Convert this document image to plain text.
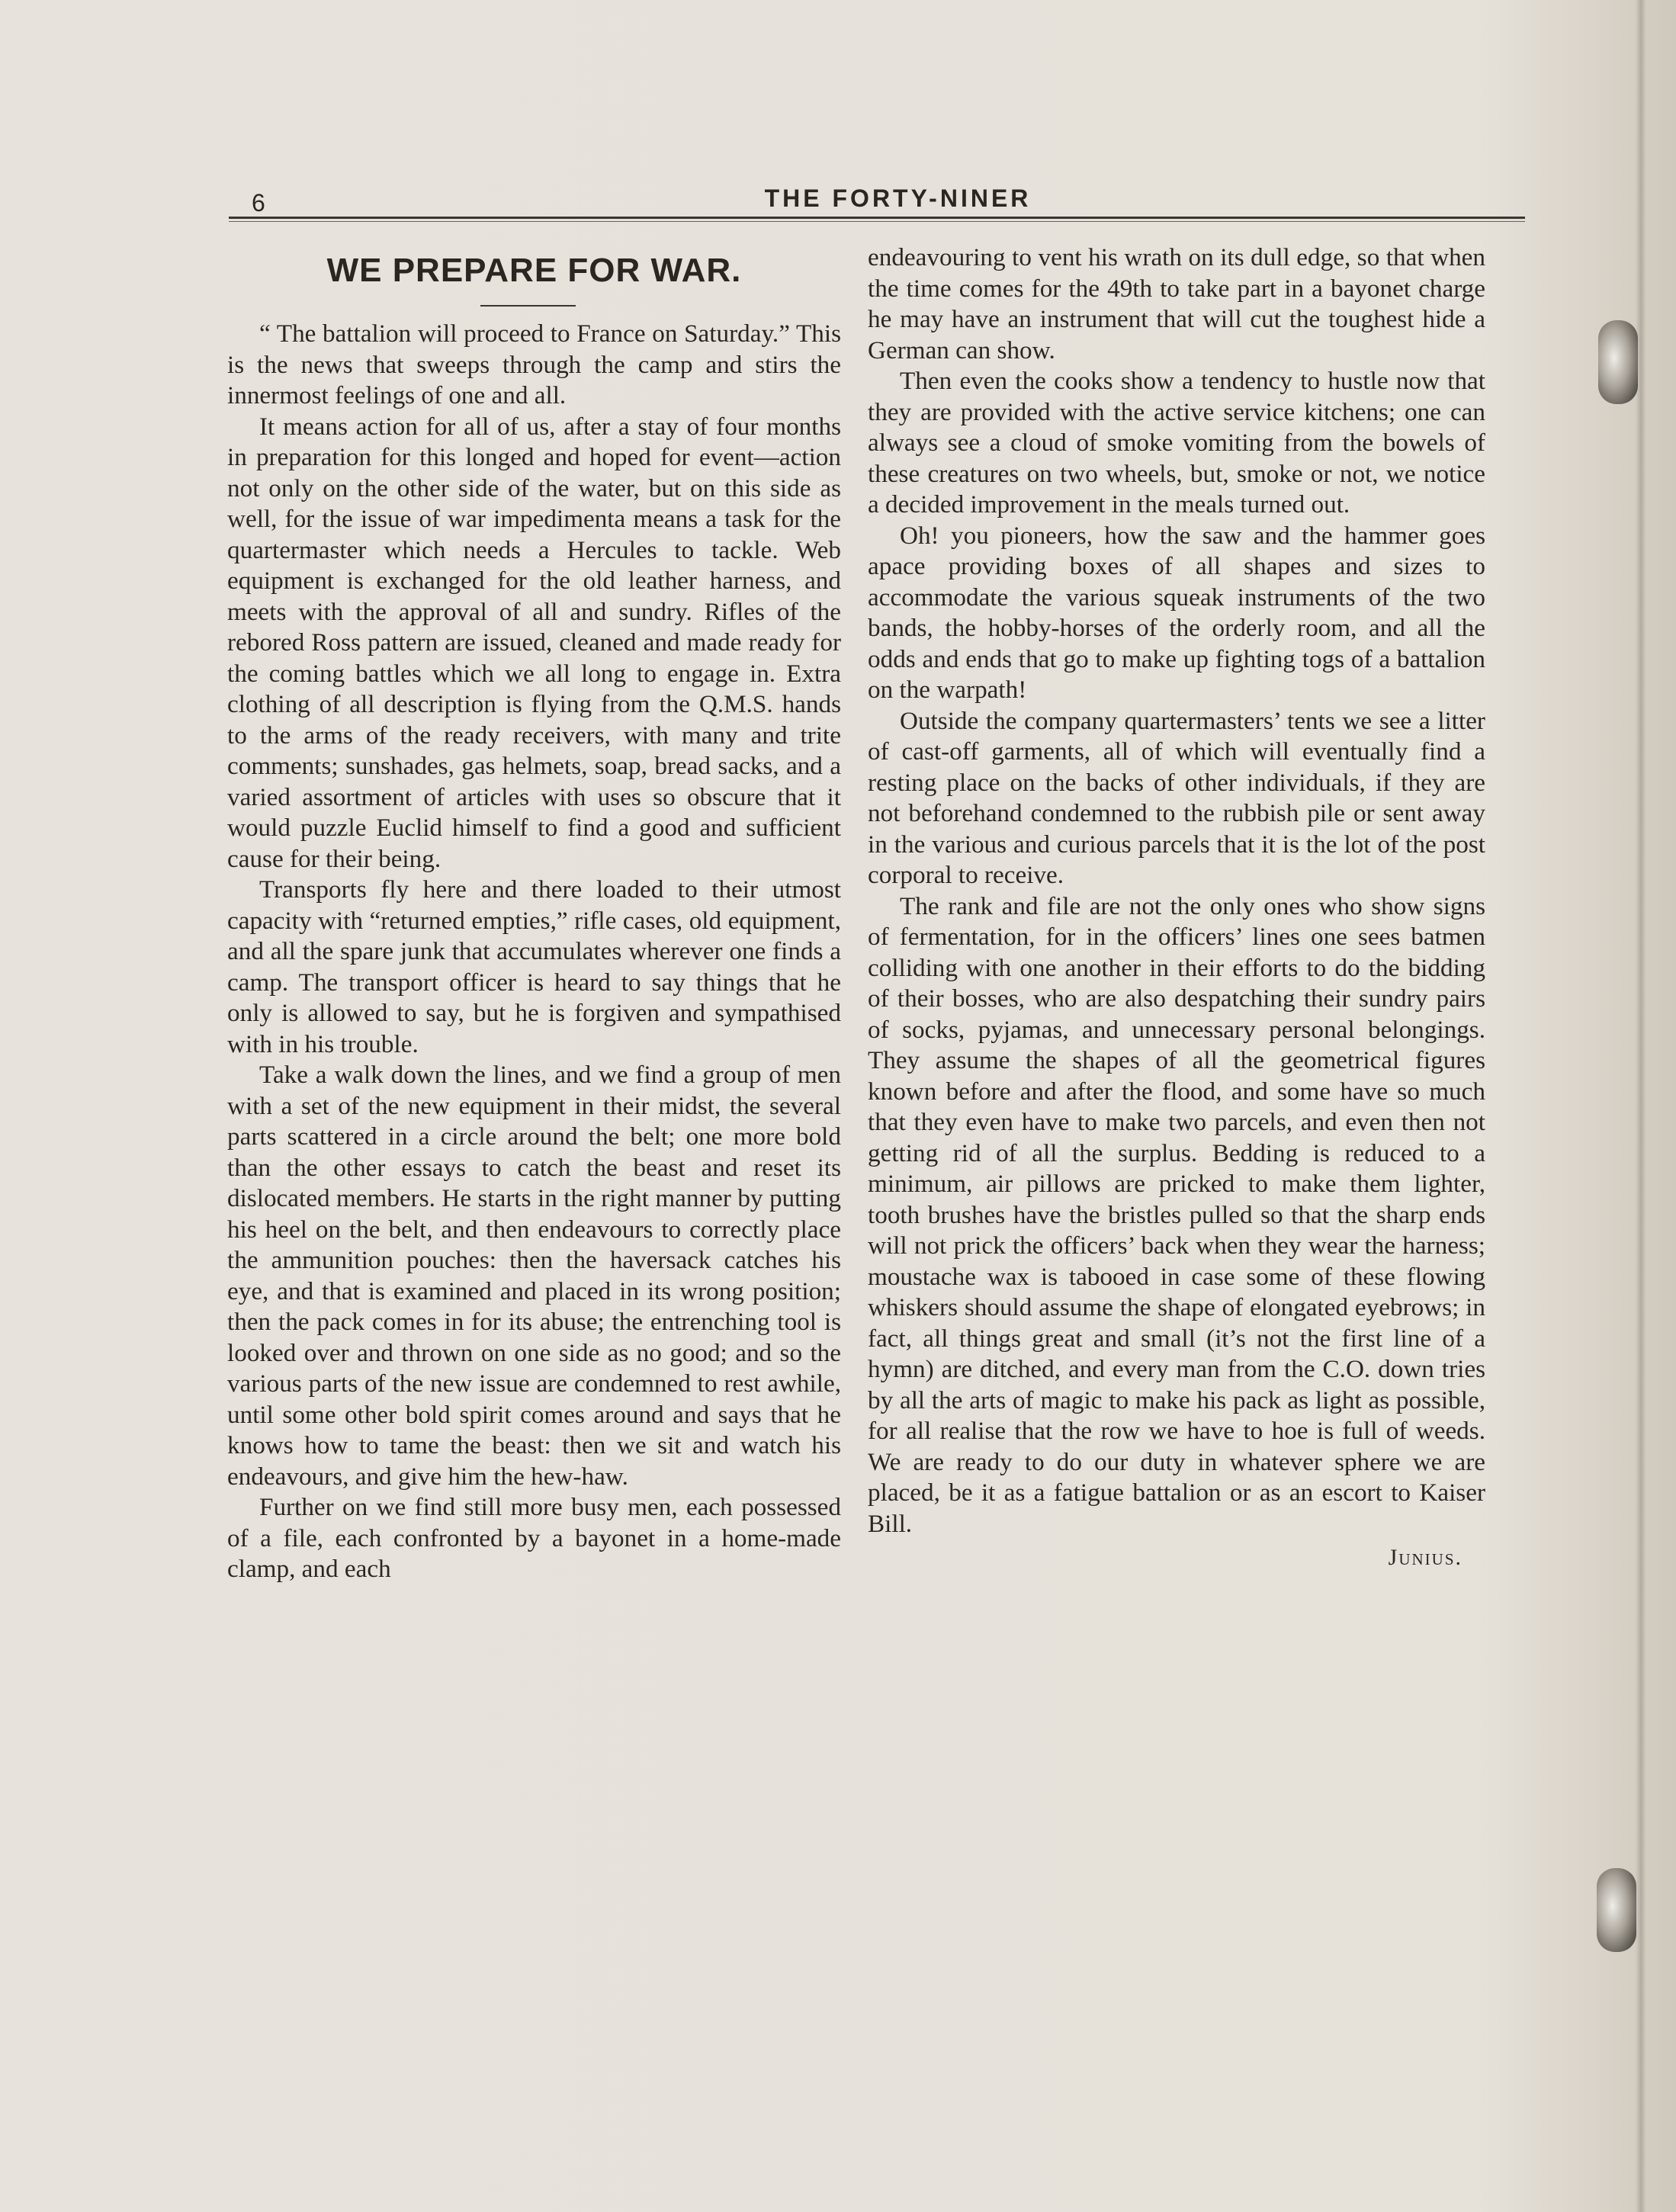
6	THE FORTY-NINER
WE PREPARE FOR WAR.

“ The battalion will proceed to France on Saturday.” This is the news that sweeps through the camp and stirs the innermost feelings of one and all.

It means action for all of us, after a stay of four months in preparation for this longed and hoped for event—action not only on the other side of the water, but on this side as well, for the issue of war impedimenta means a task for the quartermaster which needs a Hercules to tackle. Web equipment is exchanged for the old leather harness, and meets with the approval of all and sundry. Rifles of the rebored Ross pattern are issued, cleaned and made ready for the coming battles which we all long to engage in. Extra clothing of all description is flying from the Q.M.S. hands to the arms of the ready receivers, with many and trite comments; sunshades, gas helmets, soap, bread sacks, and a varied assortment of articles with uses so obscure that it would puzzle Euclid himself to find a good and sufficient cause for their being.

Transports fly here and there loaded to their utmost capacity with “returned empties,” rifle cases, old equipment, and all the spare junk that accumulates wherever one finds a camp. The transport officer is heard to say things that he only is allowed to say, but he is forgiven and sympathised with in his trouble.

Take a walk down the lines, and we find a group of men with a set of the new equipment in their midst, the several parts scattered in a circle around the belt; one more bold than the other essays to catch the beast and reset its dislocated members. He starts in the right manner by putting his heel on the belt, and then endeavours to correctly place the ammunition pouches: then the haversack catches his eye, and that is examined and placed in its wrong position; then the pack comes in for its abuse; the entrenching tool is looked over and thrown on one side as no good; and so the various parts of the new issue are condemned to rest awhile, until some other bold spirit comes around and says that he knows how to tame the beast: then we sit and watch his endeavours, and give him the hew-haw.

Further on we find still more busy men, each possessed of a file, each confronted by a bayonet in a home-made clamp, and each

endeavouring to vent his wrath on its dull edge, so that when the time comes for the 49th to take part in a bayonet charge he may have an instrument that will cut the toughest hide a German can show.

Then even the cooks show a tendency to hustle now that they are provided with the active service kitchens; one can always see a cloud of smoke vomiting from the bowels of these creatures on two wheels, but, smoke or not, we notice a decided improvement in the meals turned out.

Oh! you pioneers, how the saw and the hammer goes apace providing boxes of all shapes and sizes to accommodate the various squeak instruments of the two bands, the hobby-horses of the orderly room, and all the odds and ends that go to make up fighting togs of a battalion on the warpath!

Outside the company quartermasters’ tents we see a litter of cast-off garments, all of which will eventually find a resting place on the backs of other individuals, if they are not beforehand condemned to the rubbish pile or sent away in the various and curious parcels that it is the lot of the post corporal to receive.

The rank and file are not the only ones who show signs of fermentation, for in the officers’ lines one sees batmen colliding with one another in their efforts to do the bidding of their bosses, who are also despatching their sundry pairs of socks, pyjamas, and unnecessary personal belongings. They assume the shapes of all the geometrical figures known before and after the flood, and some have so much that they even have to make two parcels, and even then not getting rid of all the surplus. Bedding is reduced to a minimum, air pillows are pricked to make them lighter, tooth brushes have the bristles pulled so that the sharp ends will not prick the officers’ back when they wear the harness; moustache wax is tabooed in case some of these flowing whiskers should assume the shape of elongated eyebrows; in fact, all things great and small (it’s not the first line of a hymn) are ditched, and every man from the C.O. down tries by all the arts of magic to make his pack as light as possible, for all realise that the row we have to hoe is full of weeds. We are ready to do our duty in whatever sphere we are placed, be it as a fatigue battalion or as an escort to Kaiser Bill.

Junius.
